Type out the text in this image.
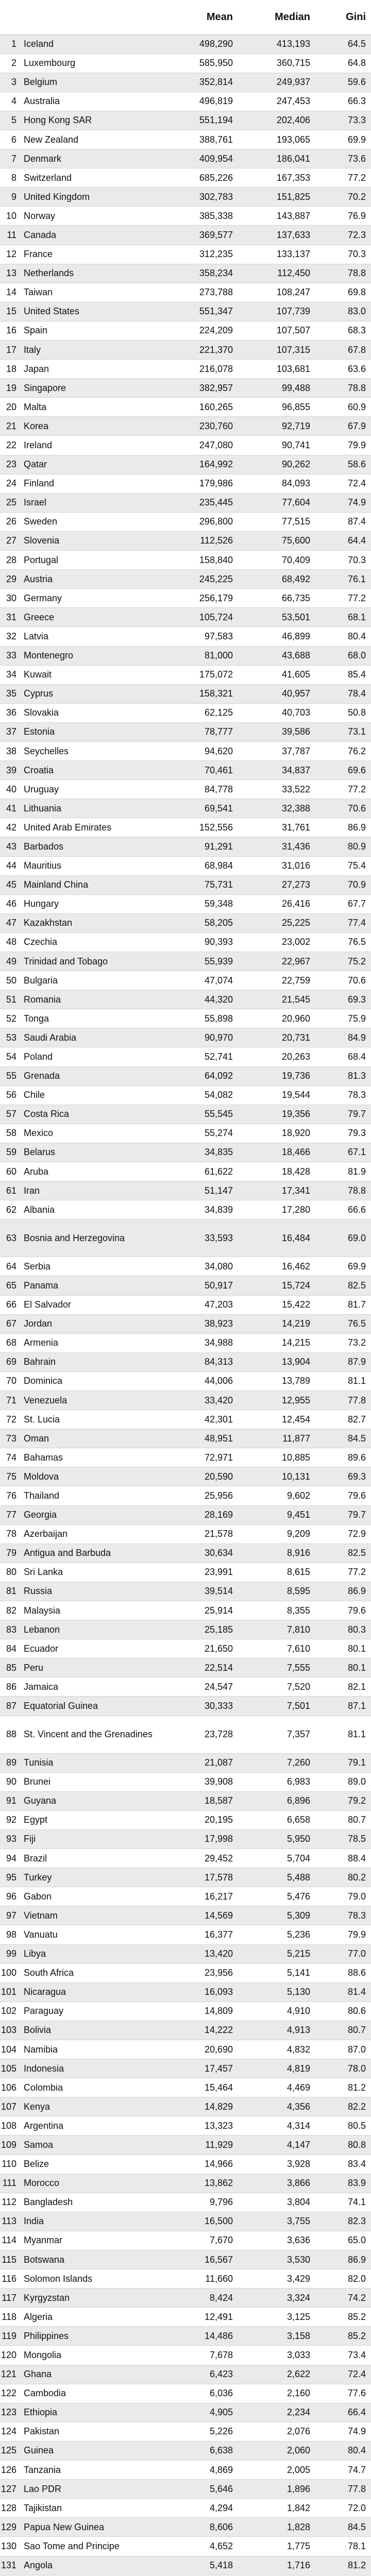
		Mean	Median	Gini
1	Iceland	498,290	413,193	64.5
2	Luxembourg	585,950	360,715	64.8
3	Belgium	352,814	249,937	59.6
4	Australia	496,819	247,453	66.3
5	Hong Kong SAR	551,194	202,406	73.3
6	New Zealand	388,761	193,065	69.9
7	Denmark	409,954	186,041	73.6
8	Switzerland	685,226	167,353	77.2
9	United Kingdom	302,783	151,825	70.2
10	Norway	385,338	143,887	76.9
11	Canada	369,577	137,633	72.3
12	France	312,235	133,137	70.3
13	Netherlands	358,234	112,450	78.8
14	Taiwan	273,788	108,247	69.8
15	United States	551,347	107,739	83.0
16	Spain	224,209	107,507	68.3
17	Italy	221,370	107,315	67.8
18	Japan	216,078	103,681	63.6
19	Singapore	382,957	99,488	78.8
20	Malta	160,265	96,855	60.9
21	Korea	230,760	92,719	67.9
22	Ireland	247,080	90,741	79.9
23	Qatar	164,992	90,262	58.6
24	Finland	179,986	84,093	72.4
25	Israel	235,445	77,604	74.9
26	Sweden	296,800	77,515	87.4
27	Slovenia	112,526	75,600	64.4
28	Portugal	158,840	70,409	70.3
29	Austria	245,225	68,492	76.1
30	Germany	256,179	66,735	77.2
31	Greece	105,724	53,501	68.1
32	Latvia	97,583	46,899	80.4
33	Montenegro	81,000	43,688	68.0
34	Kuwait	175,072	41,605	85.4
35	Cyprus	158,321	40,957	78.4
36	Slovakia	62,125	40,703	50.8
37	Estonia	78,777	39,586	73.1
38	Seychelles	94,620	37,787	76.2
39	Croatia	70,461	34,837	69.6
40	Uruguay	84,778	33,522	77.2
41	Lithuania	69,541	32,388	70.6
42	United Arab Emirates	152,556	31,761	86.9
43	Barbados	91,291	31,436	80.9
44	Mauritius	68,984	31,016	75.4
45	Mainland China	75,731	27,273	70.9
46	Hungary	59,348	26,416	67.7
47	Kazakhstan	58,205	25,225	77.4
48	Czechia	90,393	23,002	76.5
49	Trinidad and Tobago	55,939	22,967	75.2
50	Bulgaria	47,074	22,759	70.6
51	Romania	44,320	21,545	69.3
52	Tonga	55,898	20,960	75.9
53	Saudi Arabia	90,970	20,731	84.9
54	Poland	52,741	20,263	68.4
55	Grenada	64,092	19,736	81.3
56	Chile	54,082	19,544	78.3
57	Costa Rica	55,545	19,356	79.7
58	Mexico	55,274	18,920	79.3
59	Belarus	34,835	18,466	67.1
60	Aruba	61,622	18,428	81.9
61	Iran	51,147	17,341	78.8
62	Albania	34,839	17,280	66.6
63	Bosnia and Herzegovina	33,593	16,484	69.0
64	Serbia	34,080	16,462	69.9
65	Panama	50,917	15,724	82.5
66	El Salvador	47,203	15,422	81.7
67	Jordan	38,923	14,219	76.5
68	Armenia	34,988	14,215	73.2
69	Bahrain	84,313	13,904	87.9
70	Dominica	44,006	13,789	81.1
71	Venezuela	33,420	12,955	77.8
72	St. Lucia	42,301	12,454	82.7
73	Oman	48,951	11,877	84.5
74	Bahamas	72,971	10,885	89.6
75	Moldova	20,590	10,131	69.3
76	Thailand	25,956	9,602	79.6
77	Georgia	28,169	9,451	79.7
78	Azerbaijan	21,578	9,209	72.9
79	Antigua and Barbuda	30,634	8,916	82.5
80	Sri Lanka	23,991	8,615	77.2
81	Russia	39,514	8,595	86.9
82	Malaysia	25,914	8,355	79.6
83	Lebanon	25,185	7,810	80.3
84	Ecuador	21,650	7,610	80.1
85	Peru	22,514	7,555	80.1
86	Jamaica	24,547	7,520	82.1
87	Equatorial Guinea	30,333	7,501	87.1
88	St. Vincent and the Grenadines	23,728	7,357	81.1
89	Tunisia	21,087	7,260	79.1
90	Brunei	39,908	6,983	89.0
91	Guyana	18,587	6,896	79.2
92	Egypt	20,195	6,658	80.7
93	Fiji	17,998	5,950	78.5
94	Brazil	29,452	5,704	88.4
95	Turkey	17,578	5,488	80.2
96	Gabon	16,217	5,476	79.0
97	Vietnam	14,569	5,309	78.3
98	Vanuatu	16,377	5,236	79.9
99	Libya	13,420	5,215	77.0
100	South Africa	23,956	5,141	88.6
101	Nicaragua	16,093	5,130	81.4
102	Paraguay	14,809	4,910	80.6
103	Bolivia	14,222	4,913	80.7
104	Namibia	20,690	4,832	87.0
105	Indonesia	17,457	4,819	78.0
106	Colombia	15,464	4,469	81.2
107	Kenya	14,829	4,356	82.2
108	Argentina	13,323	4,314	80.5
109	Samoa	11,929	4,147	80.8
110	Belize	14,966	3,928	83.4
111	Morocco	13,862	3,866	83.9
112	Bangladesh	9,796	3,804	74.1
113	India	16,500	3,755	82.3
114	Myanmar	7,670	3,636	65.0
115	Botswana	16,567	3,530	86.9
116	Solomon Islands	11,660	3,429	82.0
117	Kyrgyzstan	8,424	3,324	74.2
118	Algeria	12,491	3,125	85.2
119	Philippines	14,486	3,158	85.2
120	Mongolia	7,678	3,033	73.4
121	Ghana	6,423	2,622	72.4
122	Cambodia	6,036	2,160	77.6
123	Ethiopia	4,905	2,234	66.4
124	Pakistan	5,226	2,076	74.9
125	Guinea	6,638	2,060	80.4
126	Tanzania	4,869	2,005	74.7
127	Lao PDR	5,646	1,896	77.8
128	Tajikistan	4,294	1,842	72.0
129	Papua New Guinea	8,606	1,828	84.5
130	Sao Tome and Principe	4,652	1,775	78.1
131	Angola	5,418	1,716	81.2
